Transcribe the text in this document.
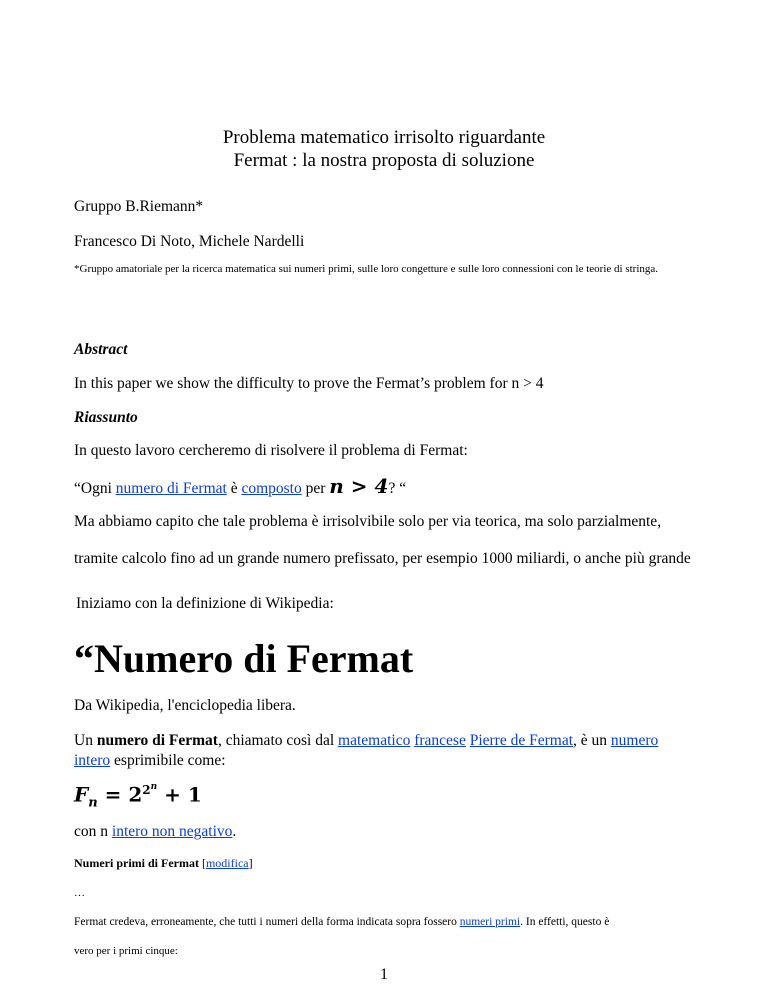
Problema matematico irrisolto riguardante
Fermat : la nostra proposta di soluzione
Gruppo B.Riemann*
Francesco Di Noto, Michele Nardelli
*Gruppo amatoriale per la ricerca matematica sui numeri primi, sulle loro congetture e sulle loro connessioni con le teorie di stringa.
Abstract
In this paper we show the difficulty to prove the Fermat’s problem for n > 4
Riassunto
In questo lavoro cercheremo di risolvere il problema di Fermat:
“Ogni numero di Fermat è composto per n > 4? “
Ma abbiamo capito che tale problema è irrisolvibile solo per via teorica, ma solo parzialmente,
tramite calcolo fino ad un grande numero prefissato, per esempio 1000 miliardi, o anche più grande
Iniziamo con la definizione di Wikipedia:
“Numero di Fermat
Da Wikipedia, l'enciclopedia libera.
Un numero di Fermat, chiamato così dal matematico francese Pierre de Fermat, è un numero
intero esprimibile come:
$F_n = 2^{2^n} + 1$
con n intero non negativo.
Numeri primi di Fermat [modifica]
…
Fermat credeva, erroneamente, che tutti i numeri della forma indicata sopra fossero numeri primi. In effetti, questo è
vero per i primi cinque:
1
